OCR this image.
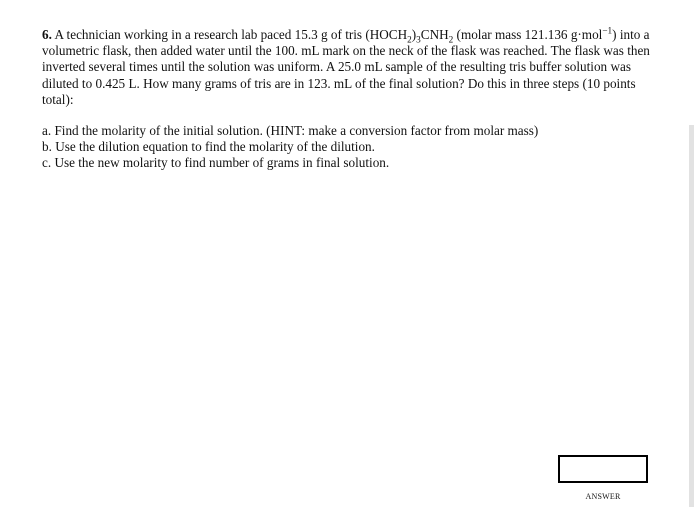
6. A technician working in a research lab paced 15.3 g of tris $(HOCH_2)_3CNH_2$ (molar mass 121.136 g·mol$^{-1}$) into a volumetric flask, then added water until the 100. mL mark on the neck of the flask was reached. The flask was then inverted several times until the solution was uniform. A 25.0 mL sample of the resulting tris buffer solution was diluted to 0.425 L. How many grams of tris are in 123. mL of the final solution? Do this in three steps (10 points total):
a. Find the molarity of the initial solution. (HINT: make a conversion factor from molar mass)
b. Use the dilution equation to find the molarity of the dilution.
c. Use the new molarity to find number of grams in final solution.
ANSWER
